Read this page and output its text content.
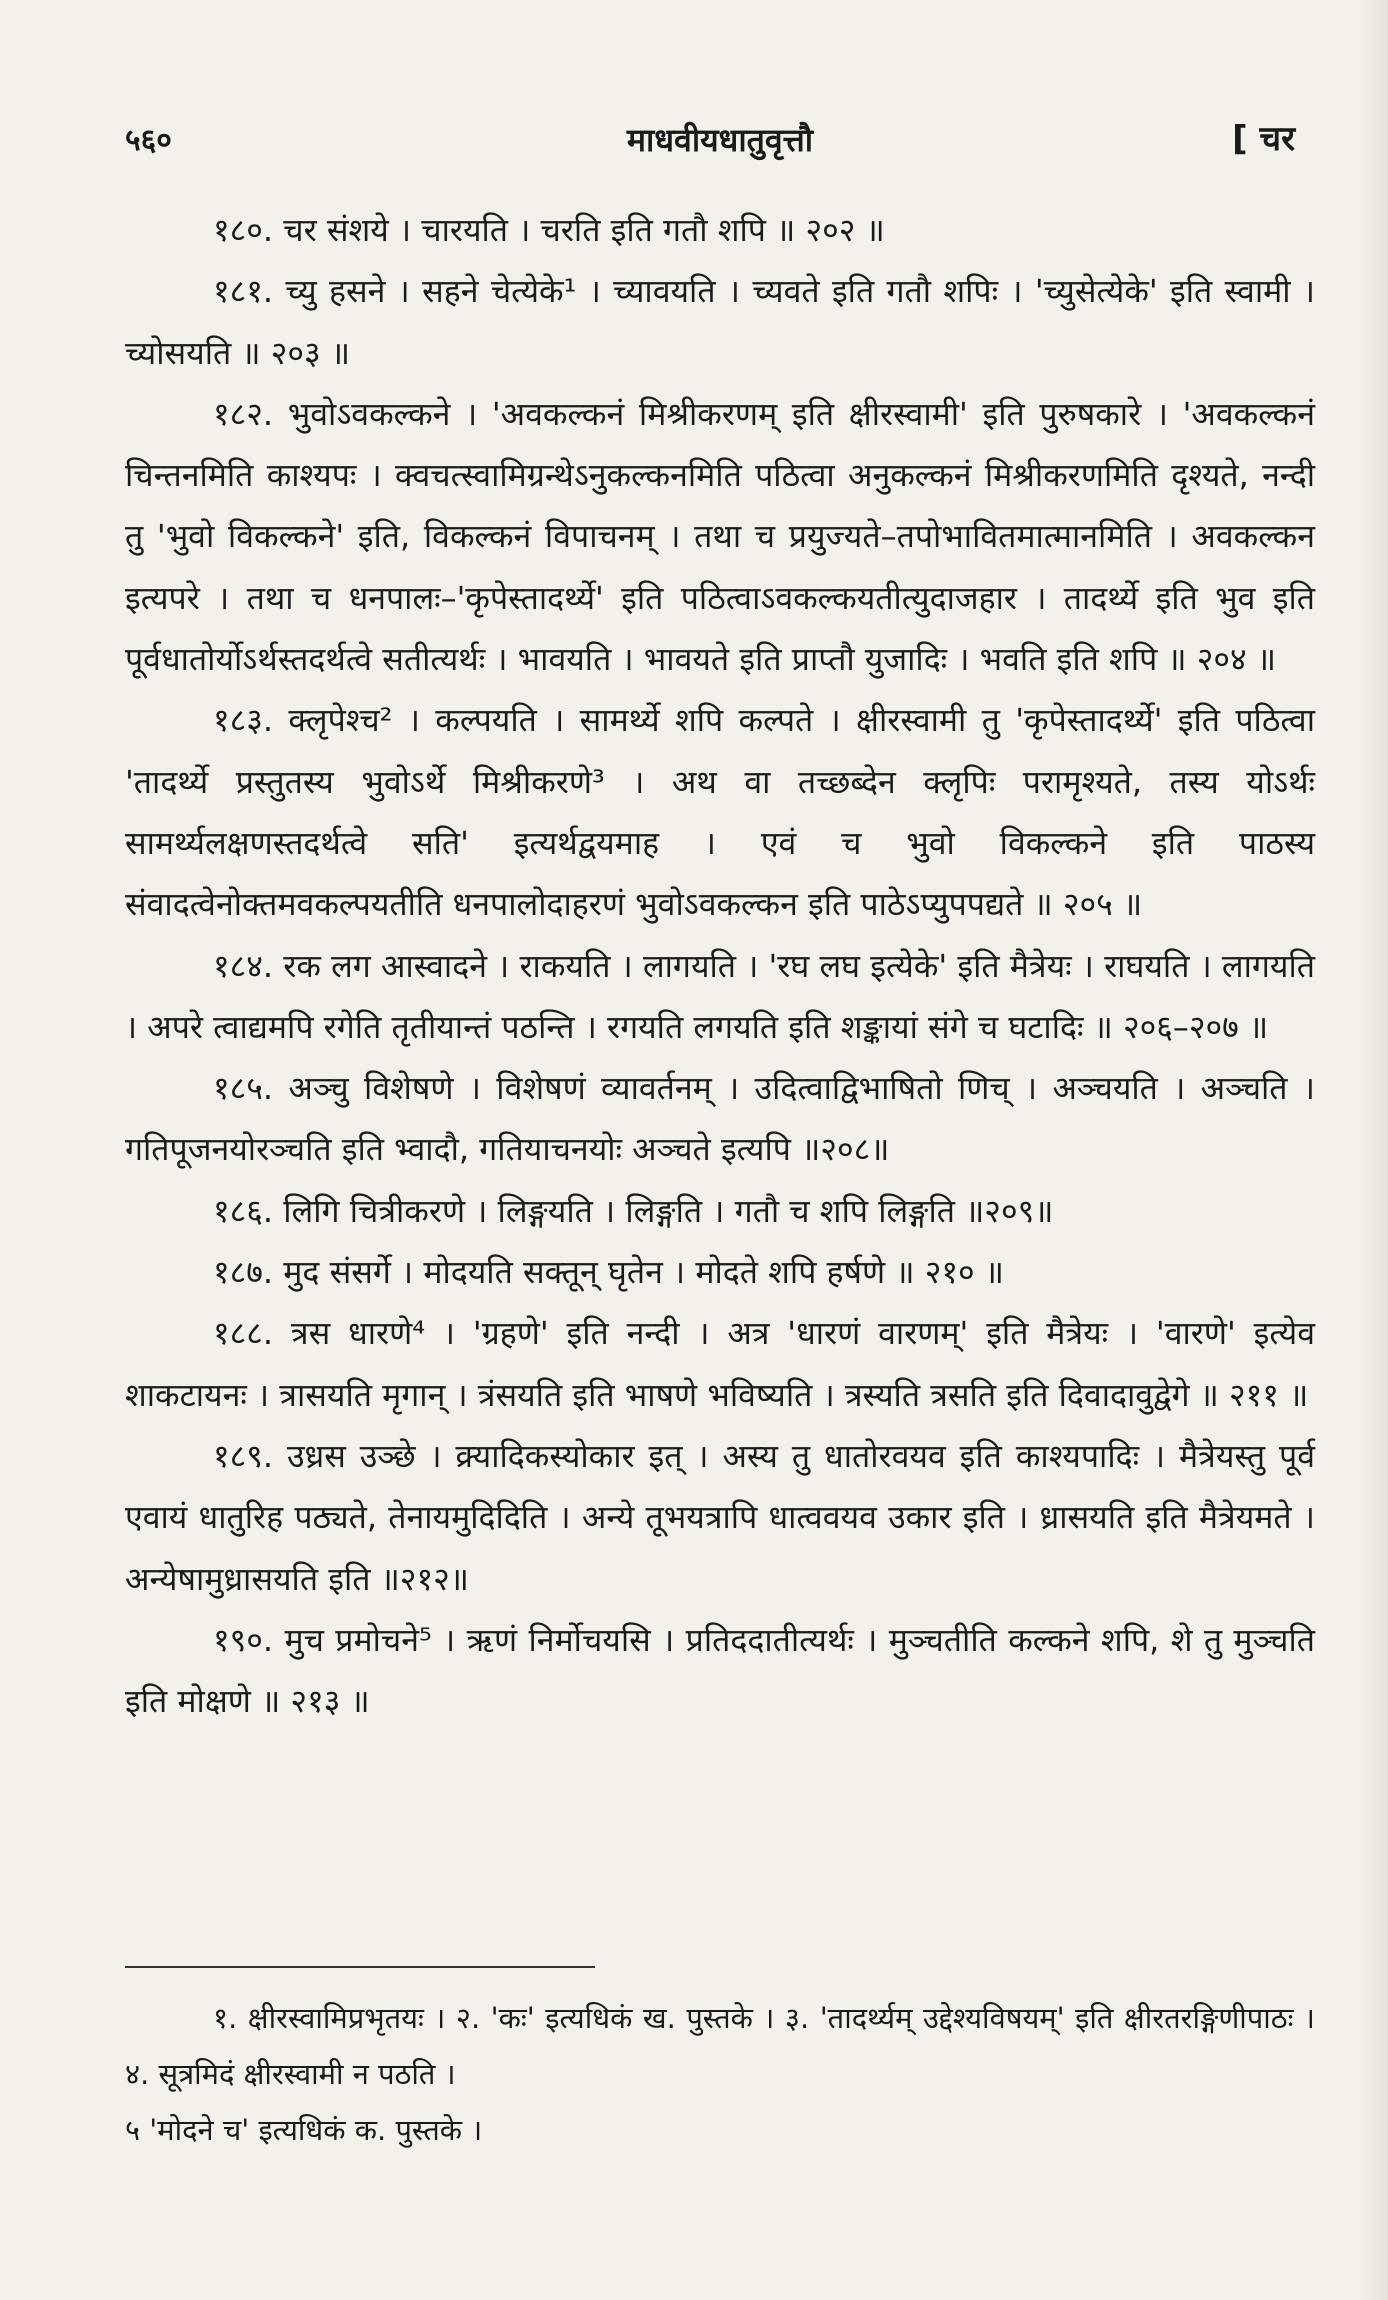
५६०	माधवीयधातुवृत्तौ	[ चर

१८०. चर संशये । चारयति । चरति इति गतौ शपि ॥ २०२ ॥

१८१. च्यु हसने । सहने चेत्येके¹ । च्यावयति । च्यवते इति गतौ शपिः । 'च्युसेत्येके' इति स्वामी । च्योसयति ॥ २०३ ॥

१८२. भुवोऽवकल्कने । 'अवकल्कनं मिश्रीकरणम् इति क्षीरस्वामी' इति पुरुषकारे । 'अवकल्कनं चिन्तनमिति काश्यपः । क्वचत्स्वामिग्रन्थेऽनुकल्कनमिति पठित्वा अनुकल्कनं मिश्रीकरणमिति दृश्यते, नन्दी तु 'भुवो विकल्कने' इति, विकल्कनं विपाचनम् । तथा च प्रयुज्यते–तपोभावितमात्मानमिति । अवकल्कन इत्यपरे । तथा च धनपालः–'कृपेस्तादर्थ्ये' इति पठित्वाऽवकल्कयतीत्युदाजहार । तादर्थ्ये इति भुव इति पूर्वधातोर्योऽर्थस्तदर्थत्वे सतीत्यर्थः । भावयति । भावयते इति प्राप्तौ युजादिः । भवति इति शपि ॥ २०४ ॥

१८३. क्लृपेश्च² । कल्पयति । सामर्थ्ये शपि कल्पते । क्षीरस्वामी तु 'कृपेस्तादर्थ्ये' इति पठित्वा 'तादर्थ्ये प्रस्तुतस्य भुवोऽर्थे मिश्रीकरणे³ । अथ वा तच्छब्देन क्लृपिः परामृश्यते, तस्य योऽर्थः सामर्थ्यलक्षणस्तदर्थत्वे सति' इत्यर्थद्वयमाह । एवं च भुवो विकल्कने इति पाठस्य संवादत्वेनोक्तमवकल्पयतीति धनपालोदाहरणं भुवोऽवकल्कन इति पाठेऽप्युपपद्यते ॥ २०५ ॥

१८४. रक लग आस्वादने । राकयति । लागयति । 'रघ लघ इत्येके' इति मैत्रेयः । राघयति । लागयति । अपरे त्वाद्यमपि रगेति तृतीयान्तं पठन्ति । रगयति लगयति इति शङ्कायां संगे च घटादिः ॥ २०६–२०७ ॥

१८५. अञ्चु विशेषणे । विशेषणं व्यावर्तनम् । उदित्वाद्विभाषितो णिच् । अञ्चयति । अञ्चति । गतिपूजनयोरञ्चति इति भ्वादौ, गतियाचनयोः अञ्चते इत्यपि ॥२०८॥

१८६. लिगि चित्रीकरणे । लिङ्गयति । लिङ्गति । गतौ च शपि लिङ्गति ॥२०९॥

१८७. मुद संसर्गे । मोदयति सक्तून् घृतेन । मोदते शपि हर्षणे ॥ २१० ॥

१८८. त्रस धारणे⁴ । 'ग्रहणे' इति नन्दी । अत्र 'धारणं वारणम्' इति मैत्रेयः । 'वारणे' इत्येव शाकटायनः । त्रासयति मृगान् । त्रंसयति इति भाषणे भविष्यति । त्रस्यति त्रसति इति दिवादावुद्वेगे ॥ २११ ॥

१८९. उध्रस उञ्छे । क्र्यादिकस्योकार इत् । अस्य तु धातोरवयव इति काश्यपादिः । मैत्रेयस्तु पूर्व एवायं धातुरिह पठ्यते, तेनायमुदिदिति । अन्ये तूभयत्रापि धात्ववयव उकार इति । ध्रासयति इति मैत्रेयमते । अन्येषामुध्रासयति इति ॥२१२॥

१९०. मुच प्रमोचने⁵ । ऋणं निर्मोचयसि । प्रतिददातीत्यर्थः । मुञ्चतीति कल्कने शपि, शे तु मुञ्चति इति मोक्षणे ॥ २१३ ॥

१. क्षीरस्वामिप्रभृतयः । २. 'कः' इत्यधिकं ख. पुस्तके । ३. 'तादर्थ्यम् उद्देश्यविषयम्' इति क्षीरतरङ्गिणीपाठः । ४. सूत्रमिदं क्षीरस्वामी न पठति ।

५ 'मोदने च' इत्यधिकं क. पुस्तके ।
